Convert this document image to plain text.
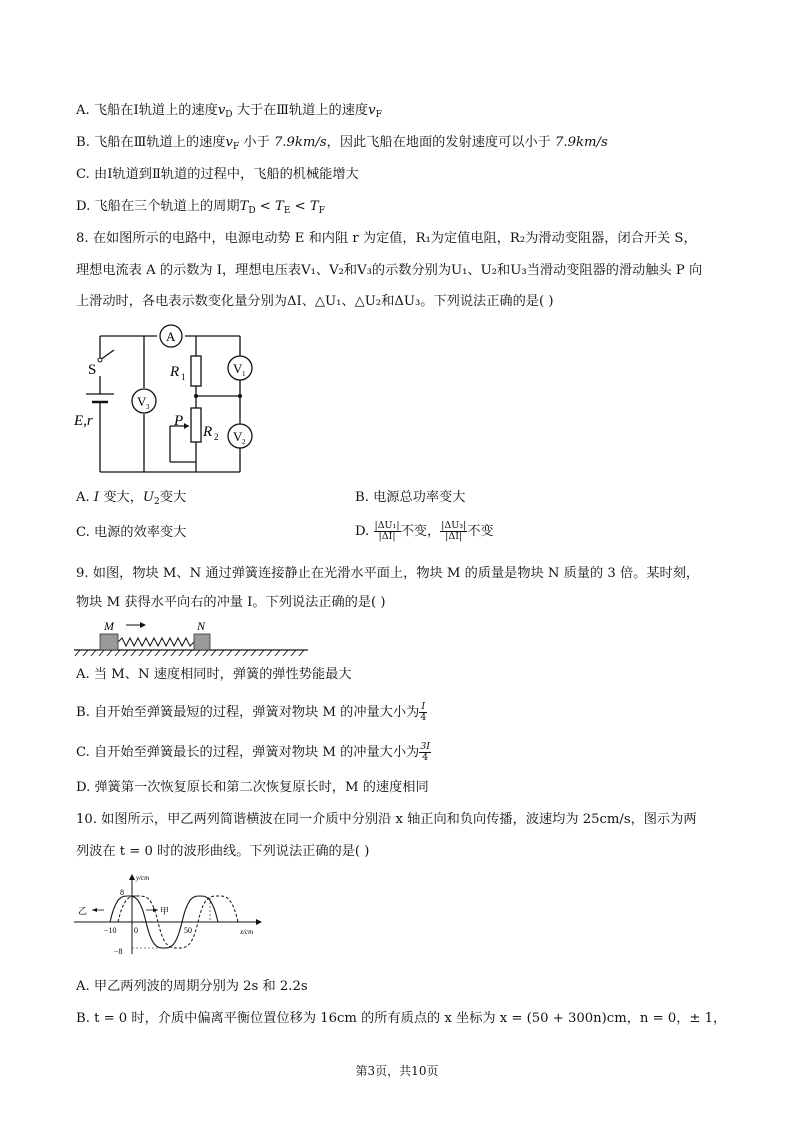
A. 飞船在Ⅰ轨道上的速度$v_D$ 大于在Ⅲ轨道上的速度$v_F$
B. 飞船在Ⅲ轨道上的速度$v_F$ 小于 7.9km/s，因此飞船在地面的发射速度可以小于 7.9km/s
C. 由Ⅰ轨道到Ⅱ轨道的过程中，飞船的机械能增大
D. 飞船在三个轨道上的周期$T_D < T_E < T_F$
8. 在如图所示的电路中，电源电动势 E 和内阻 r 为定值，R₁为定值电阻，R₂为滑动变阻器，闭合开关 S，
理想电流表 A 的示数为 I，理想电压表V₁、V₂和V₃的示数分别为U₁、U₂和U₃当滑动变阻器的滑动触头 P 向
上滑动时，各电表示数变化量分别为ΔI、△U₁、△U₂和ΔU₃。下列说法正确的是( )
A
S
E,r
R 1
P
R 2
V 3
V 1
V 2
A. I 变大，$U_2$变大	B. 电源总功率变大
C. 电源的效率变大	D. $\frac{\text{|ΔU₁|}}{|\Delta I|}$ 不变， $\frac{\text{|ΔU₃|}}{|\Delta I|}$ 不变
9. 如图，物块 M、N 通过弹簧连接静止在光滑水平面上，物块 M 的质量是物块 N 质量的 3 倍。某时刻，
物块 M 获得水平向右的冲量 I。下列说法正确的是( )
M	N
A. 当 M、N 速度相同时，弹簧的弹性势能最大
B. 自开始至弹簧最短的过程，弹簧对物块 M 的冲量大小为 $\frac{I}{4}$
C. 自开始至弹簧最长的过程，弹簧对物块 M 的冲量大小为 $\frac{3I}{4}$
D. 弹簧第一次恢复原长和第二次恢复原长时，M 的速度相同
10. 如图所示，甲乙两列简谐横波在同一介质中分别沿 x 轴正向和负向传播，波速均为 25cm/s，图示为两
列波在 t = 0 时的波形曲线。下列说法正确的是( )
y/cm
x/cm
8
−8
−10 0	50
乙	甲
A. 甲乙两列波的周期分别为 2s 和 2.2s
B. t = 0 时，介质中偏离平衡位置位移为 16cm 的所有质点的 x 坐标为 x = (50 + 300n)cm，n = 0，± 1，
第3页，共10页
